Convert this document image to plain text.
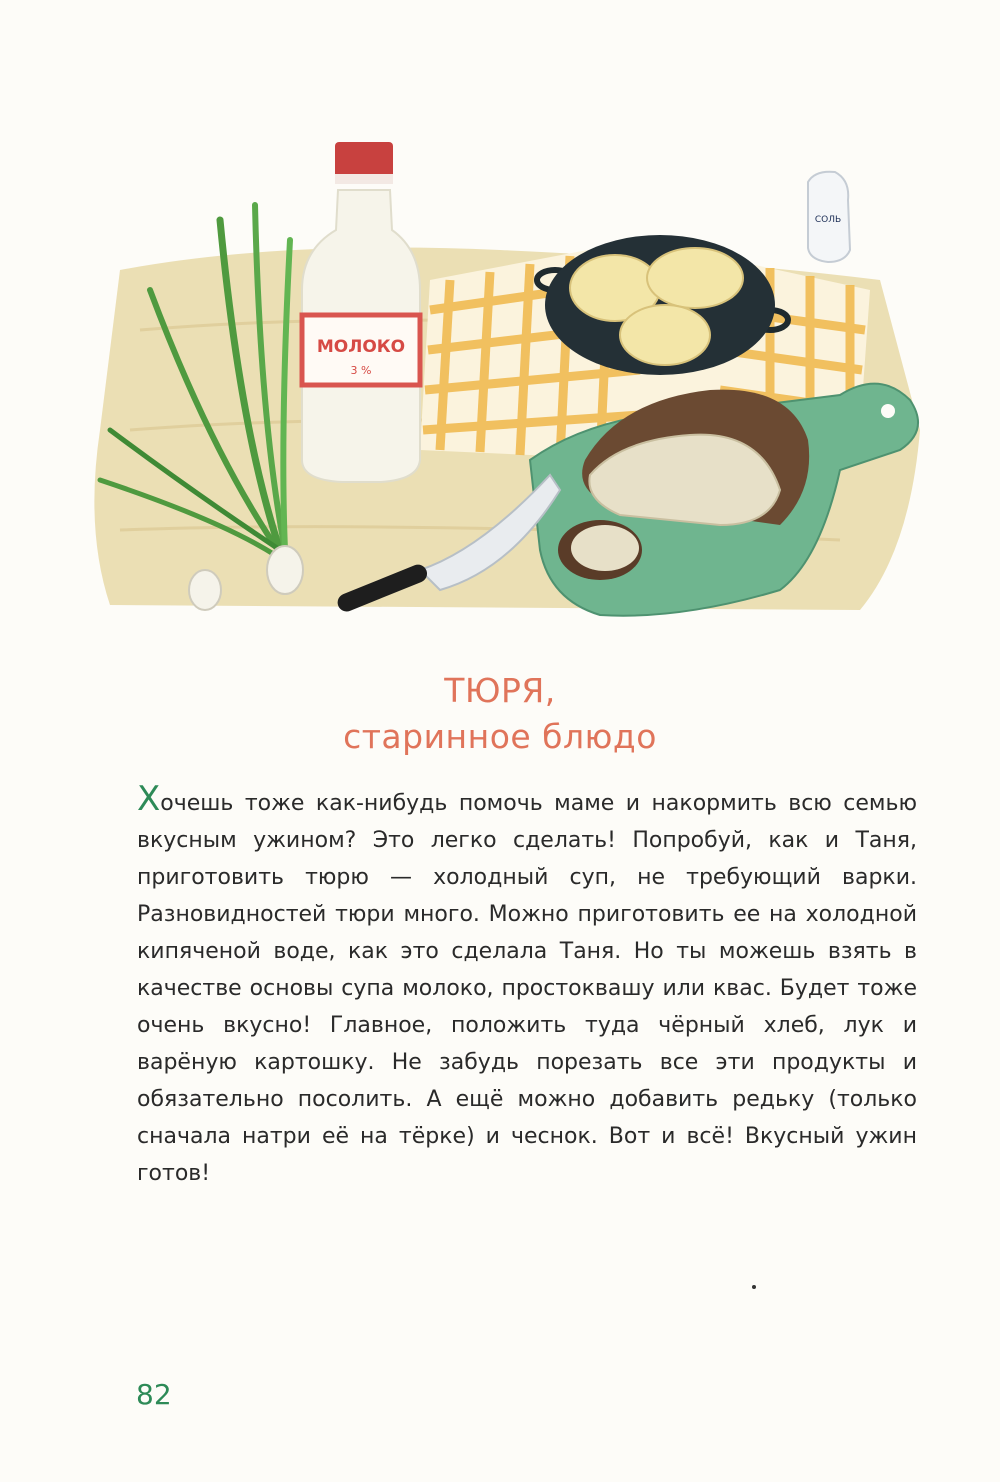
СОЛЬ
МОЛОКО
3 %
ТЮРЯ,
старинное блюдо
Хочешь тоже как-нибудь помочь маме и накормить всю семью вкусным ужином? Это легко сделать! Попробуй, как и Таня, приготовить тюрю — холодный суп, не требующий варки. Разновидностей тюри много. Можно приготовить ее на холодной кипяченой воде, как это сделала Таня. Но ты можешь взять в качестве основы супа молоко, простоквашу или квас. Будет тоже очень вкусно! Главное, положить туда чёрный хлеб, лук и варёную картошку. Не забудь порезать все эти продукты и обязательно посолить. А ещё можно добавить редьку (только сначала натри её на тёрке) и чеснок. Вот и всё! Вкусный ужин готов!
82
